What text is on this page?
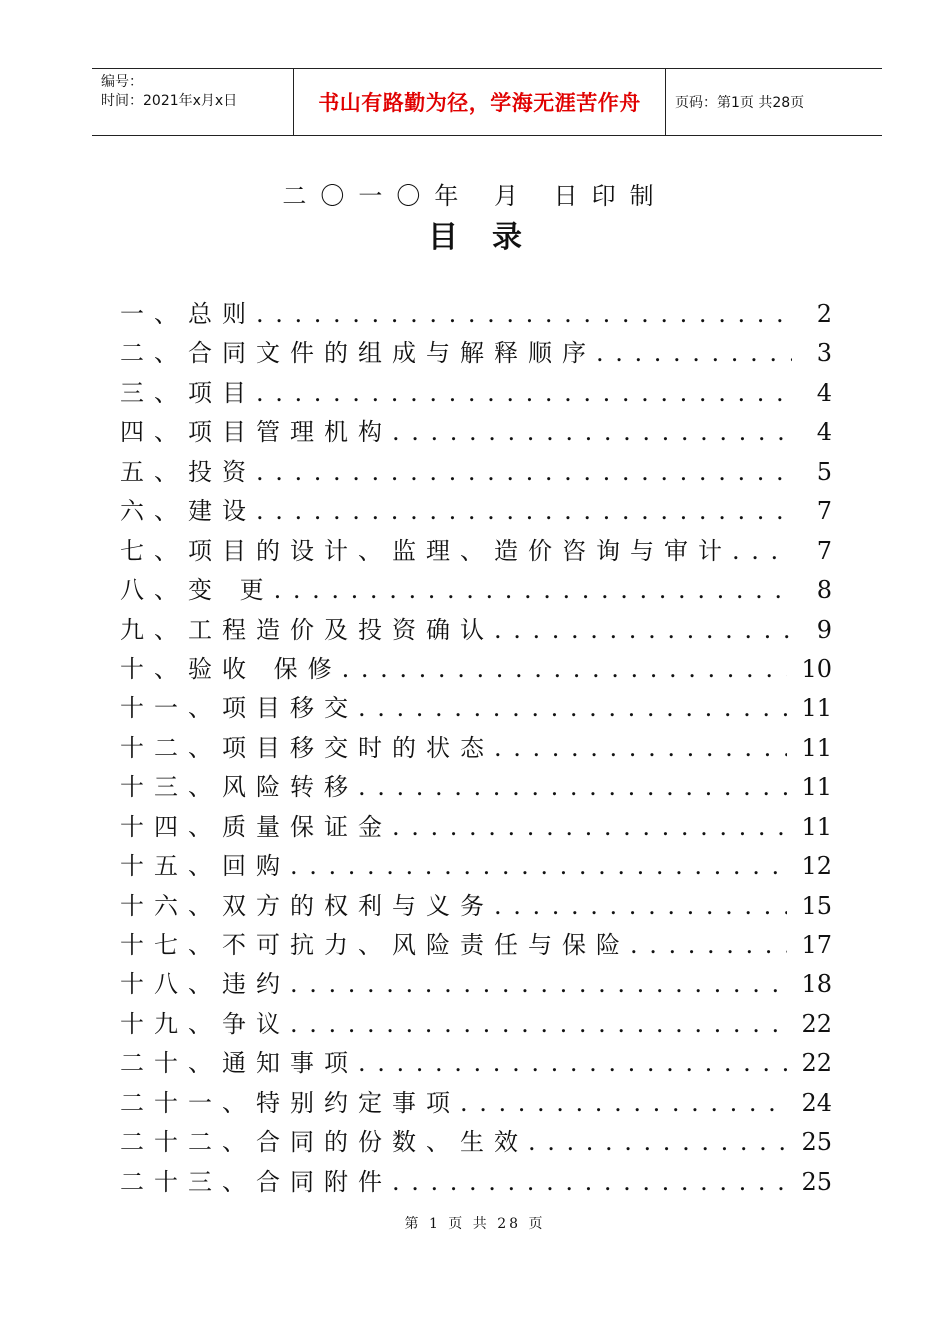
编号：
时间：2021年x月x日	书山有路勤为径，学海无涯苦作舟	页码：第1页 共28页
二〇一〇年 月 日印制
目录
一、总则 . . .	2
二、合同文件的组成与解释顺序 . . .	3
三、项目 . . .	4
四、项目管理机构 . . .	4
五、投资 . . .	5
六、建设 . . .	7
七、项目的设计、监理、造价咨询与审计 . . .	7
八、变 更 . . .	8
九、工程造价及投资确认 . . .	9
十、验收 保修 . . .	10
十一、项目移交 . . .	11
十二、项目移交时的状态 . . .	11
十三、风险转移 . . .	11
十四、质量保证金 . . .	11
十五、回购 . . .	12
十六、双方的权利与义务 . . .	15
十七、不可抗力、风险责任与保险 . . .	17
十八、违约 . . .	18
十九、争议 . . .	22
二十、通知事项 . . .	22
二十一、特别约定事项 . . .	24
二十二、合同的份数、生效 . . .	25
二十三、合同附件 . . .	25
第 1 页 共 28 页
